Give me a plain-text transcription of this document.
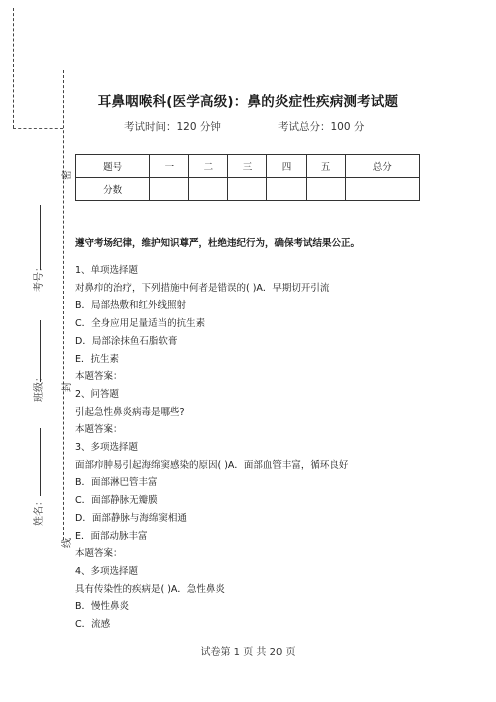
密
封
线
考号：
班级：
姓名：
耳鼻咽喉科(医学高级)：鼻的炎症性疾病测考试题
考试时间：120 分钟	考试总分：100 分
题号	一	二	三	四	五	总分
分数						
遵守考场纪律，维护知识尊严，杜绝违纪行为，确保考试结果公正。
1、单项选择题
对鼻疖的治疗，下列措施中何者是错误的( )A．早期切开引流
B．局部热敷和红外线照射
C．全身应用足量适当的抗生素
D．局部涂抹鱼石脂软膏
E．抗生素
本题答案：
2、问答题
引起急性鼻炎病毒是哪些?
本题答案：
3、多项选择题
面部疖肿易引起海绵窦感染的原因( )A．面部血管丰富，循环良好
B．面部淋巴管丰富
C．面部静脉无瓣膜
D．面部静脉与海绵窦相通
E．面部动脉丰富
本题答案：
4、多项选择题
具有传染性的疾病是( )A．急性鼻炎
B．慢性鼻炎
C．流感
试卷第 1 页 共 20 页
